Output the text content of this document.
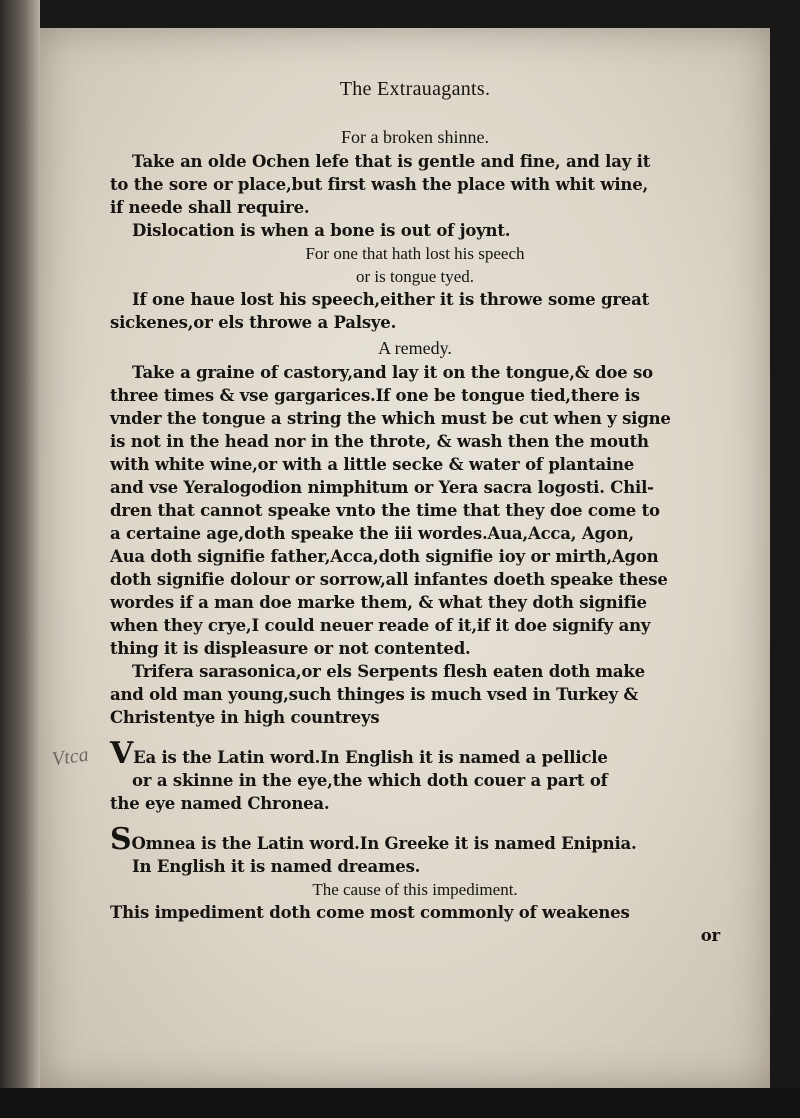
Vtca
The Extrauagants.
For a broken shinne.

Take an olde Ochen lefe that is gentle and fine, and lay it

to the sore or place,but first wash the place with whit wine,

if neede shall require.

Dislocation is when a bone is out of joynt.

For one that hath lost his speech

or is tongue tyed.

If one haue lost his speech,either it is throwe some great

sickenes,or els throwe a Palsye.

A remedy.

Take a graine of castory,and lay it on the tongue,& doe so

three times & vse gargarices.If one be tongue tied,there is

vnder the tongue a string the which must be cut when y signe

is not in the head nor in the throte, & wash then the mouth

with white wine,or with a little secke & water of plantaine

and vse Yeralogodion nimphitum or Yera sacra logosti. Chil-

dren that cannot speake vnto the time that they doe come to

a certaine age,doth speake the iii wordes.Aua,Acca, Agon,

Aua doth signifie father,Acca,doth signifie ioy or mirth,Agon

doth signifie dolour or sorrow,all infantes doeth speake these

wordes if a man doe marke them, & what they doth signifie

when they crye,I could neuer reade of it,if it doe signify any

thing it is displeasure or not contented.

Trifera sarasonica,or els Serpents flesh eaten doth make

and old man young,such thinges is much vsed in Turkey &

Christentye in high countreys

VEa is the Latin word.In English it is named a pellicle

or a skinne in the eye,the which doth couer a part of

the eye named Chronea.

SOmnea is the Latin word.In Greeke it is named Enipnia.

In English it is named dreames.

The cause of this impediment.

This impediment doth come most commonly of weakenes

or
